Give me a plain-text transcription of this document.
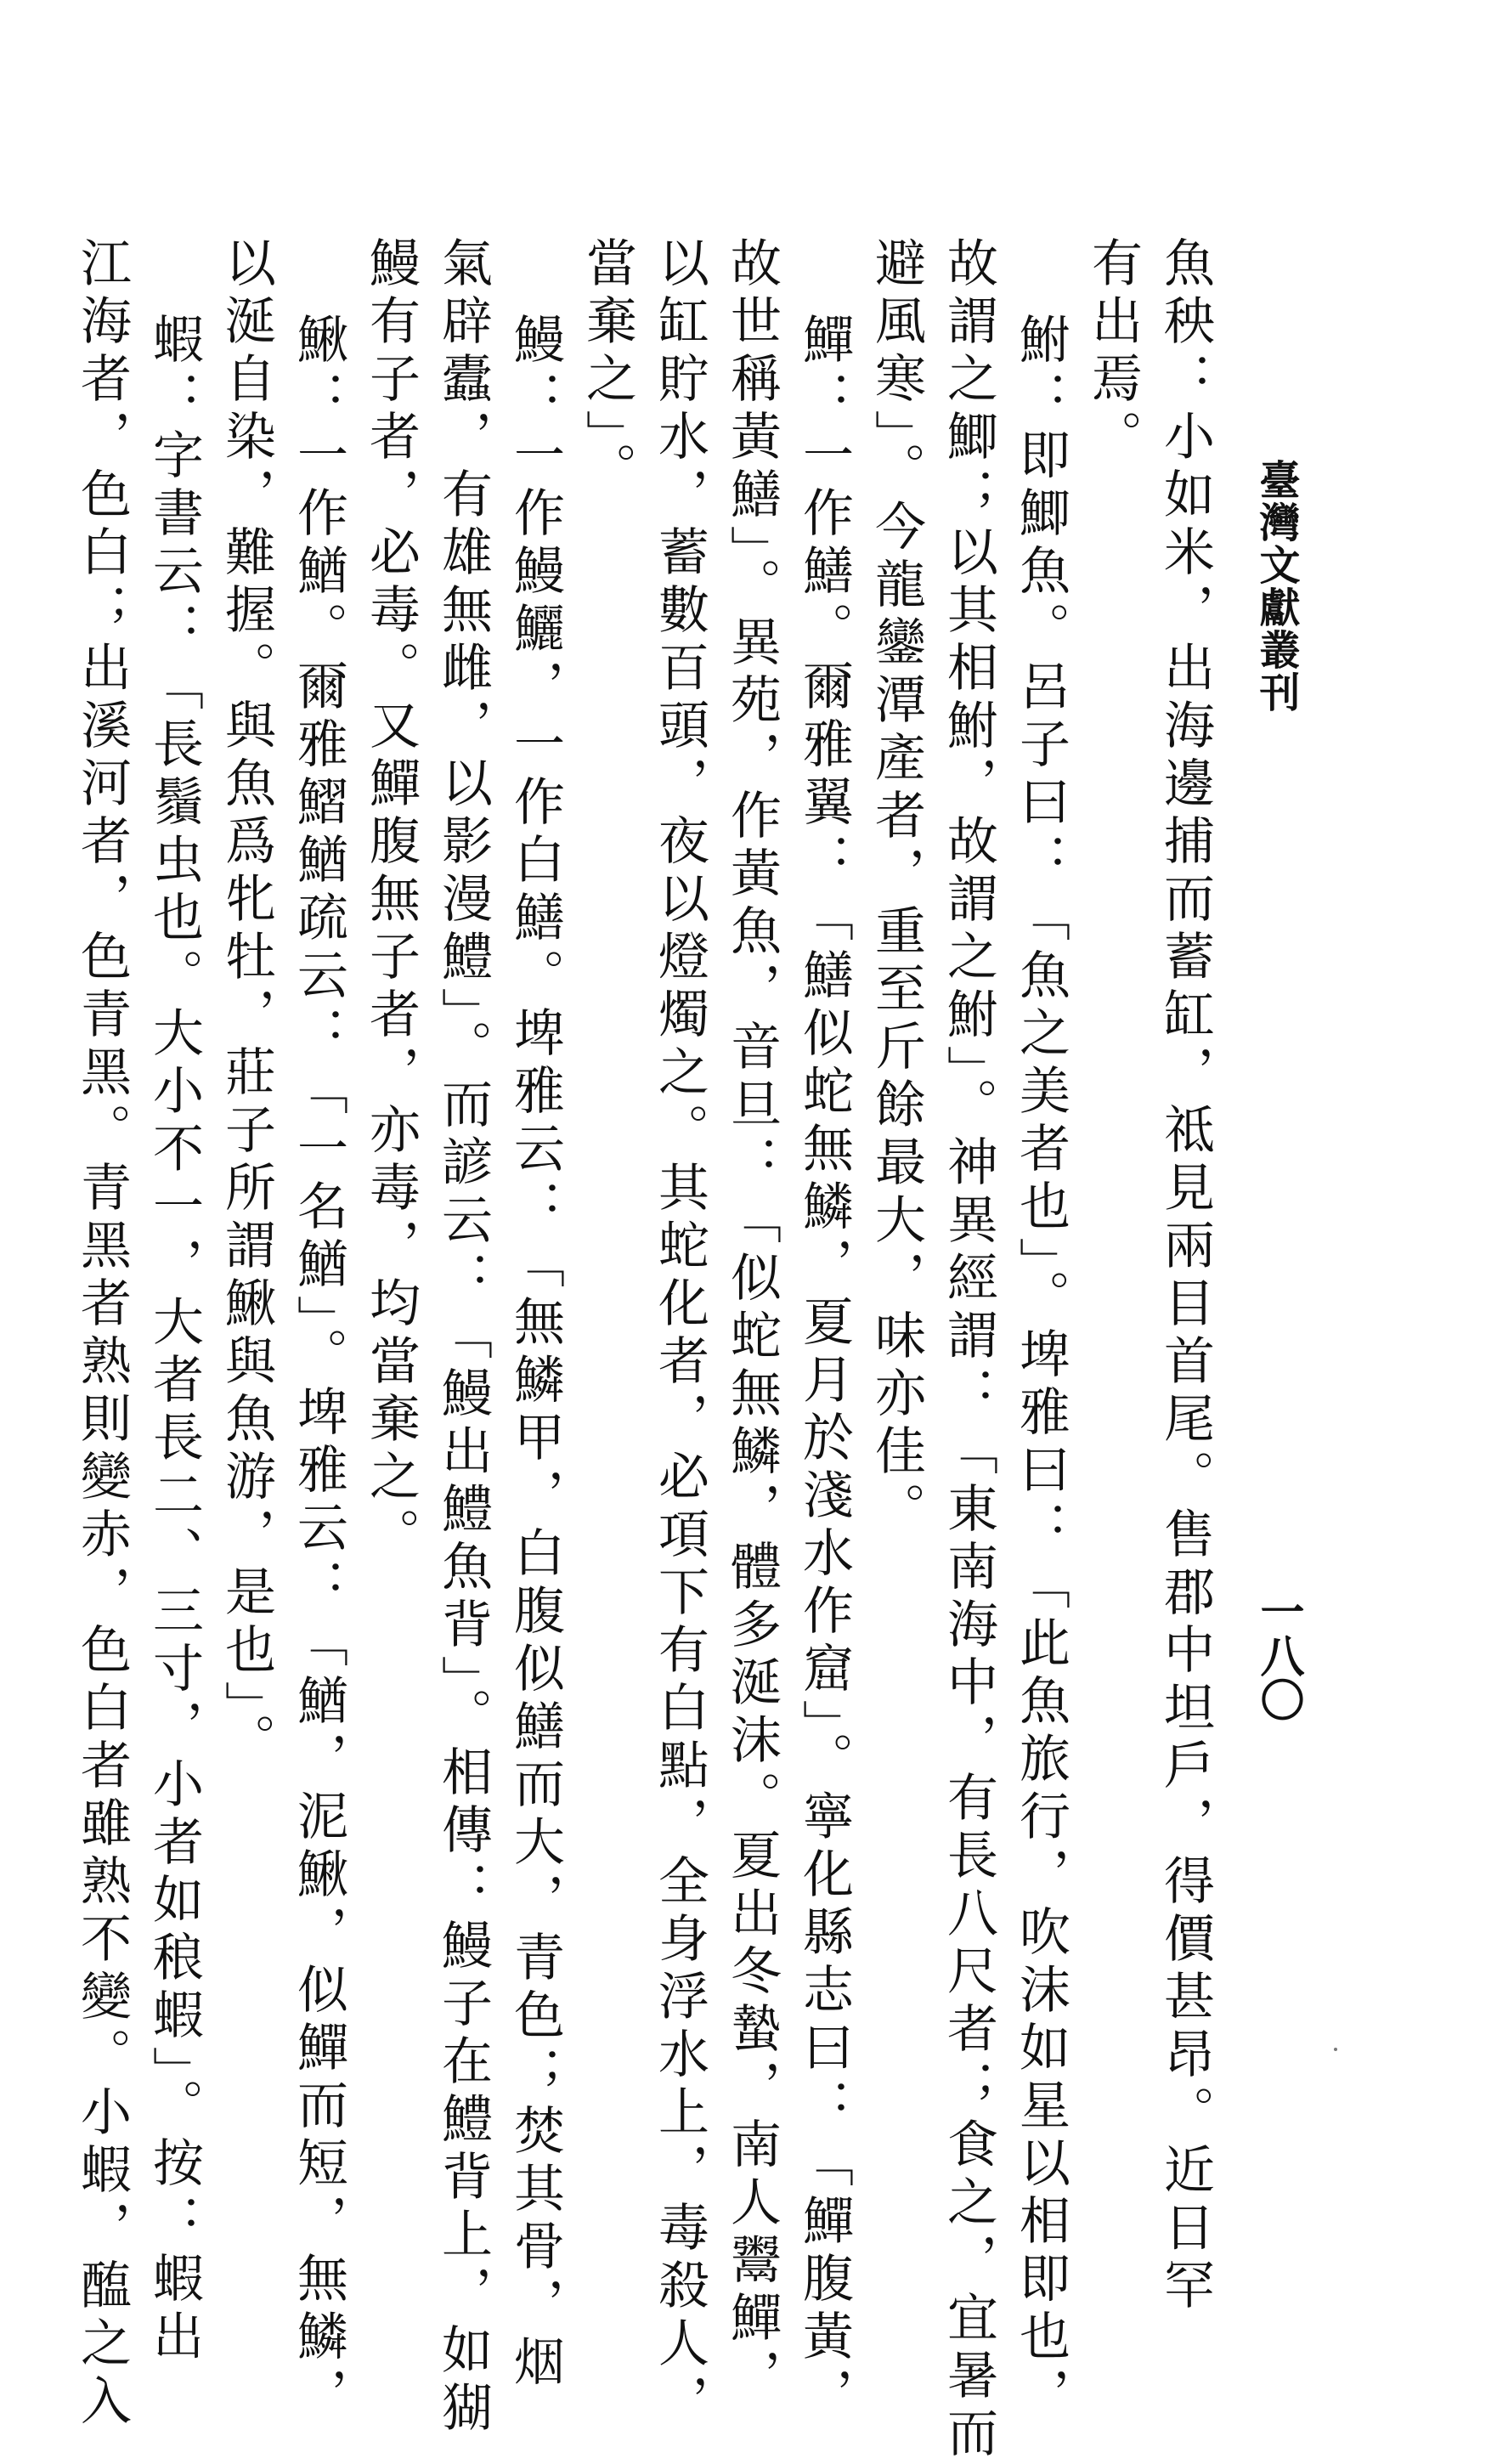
臺灣文獻叢刊
一八〇

魚秧：小如米，出海邊捕而蓄缸，祗見兩目首尾。售郡中坦戶，得價甚昂。近日罕

有出焉。

鮒：即鯽魚。呂子曰：「魚之美者也」。埤雅曰：「此魚旅行，吹沫如星以相即也，

故謂之鯽；以其相鮒，故謂之鮒」。神異經謂：「東南海中，有長八尺者；食之，宜暑而

避風寒」。今龍鑾潭產者，重至斤餘最大，味亦佳。

鱓：一作鱔。爾雅翼：「鱔似蛇無鱗，夏月於淺水作窟」。寧化縣志曰：「鱓腹黃，

故世稱黃鱔」。異苑，作黃魚，音旦：「似蛇無鱗，體多涎沫。夏出冬蟄，南人鬻鱓，

以缸貯水，蓄數百頭，夜以燈燭之。其蛇化者，必項下有白點，全身浮水上，毒殺人，

當棄之」。

鰻：一作鰻鱺，一作白鱔。埤雅云：「無鱗甲，白腹似鱔而大，青色；焚其骨，烟

氣辟蠹，有雄無雌，以影漫鱧」。而諺云：「鰻出鱧魚背」。相傳：鰻子在鱧背上，如猢

鰻有子者，必毒。又鱓腹無子者，亦毒，均當棄之。

鰍：一作鰌。爾雅鰼鰌疏云：「一名鰌」。埤雅云：「鰌，泥鰍，似鱓而短，無鱗，

以涎自染，難握。與魚爲牝牡，莊子所謂鰍與魚游，是也」。

蝦：字書云：「長鬚虫也。大小不一，大者長二、三寸，小者如稂蝦」。按：蝦出

江海者，色白；出溪河者，色青黑。青黑者熟則變赤，色白者雖熟不變。小蝦，醢之入
